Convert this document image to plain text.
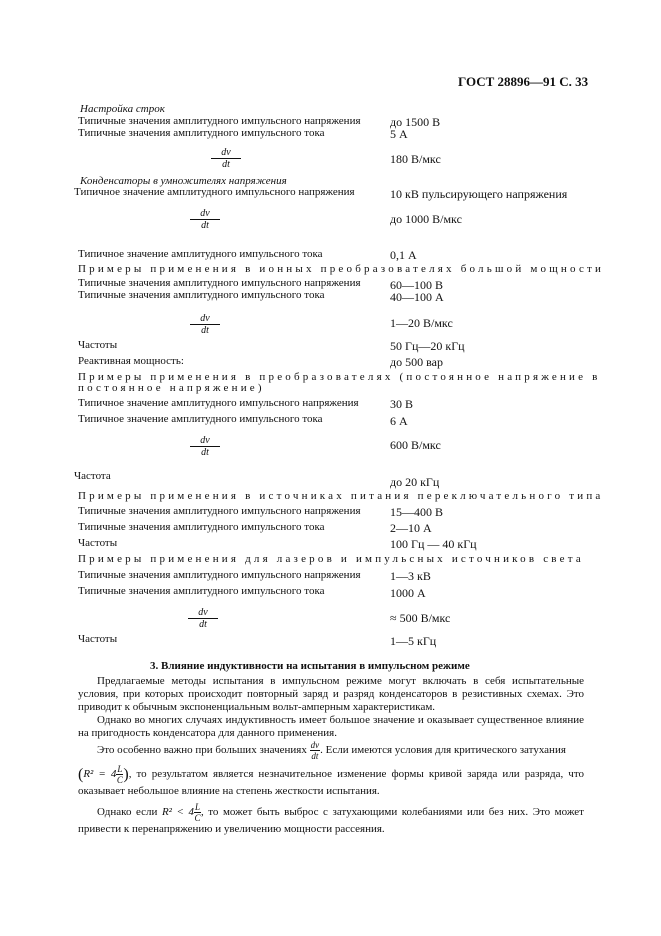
ГОСТ 28896—91 С. 33
Настройка строк
Типичные значения амплитудного импульсного напряжения до 1500 В
Типичные значения амплитудного импульсного тока	5 А
$\frac{dv}{dt}$	180 В/мкс
Конденсаторы в умножителях напряжения
Типичное значение амплитудного импульсного напряжения	10 кВ пульсирующего напряжения
$\frac{dv}{dt}$	до 1000 В/мкс
Типичное значение амплитудного импульсного тока	0,1 А
Примеры применения в ионных преобразователях большой мощности
Типичные значения амплитудного импульсного напряжения 60—100 В
Типичные значения амплитудного импульсного тока	40—100 А
$\frac{dv}{dt}$	1—20 В/мкс
Частоты	50 Гц—20 кГц
Реактивная мощность:	до 500 вар
Примеры применения в преобразователях (постоянное напряжение в
постоянное напряжение)
Типичное значение амплитудного импульсного напряжения	30 В
Типичное значение амплитудного импульсного тока	6 А
$\frac{dv}{dt}$	600 В/мкс
Частота	до 20 кГц
Примеры применения в источниках питания переключательного типа
Типичные значения амплитудного импульсного напряжения 15—400 В
Типичные значения амплитудного импульсного тока	2—10 А
Частоты	100 Гц — 40 кГц
Примеры применения для лазеров и импульсных источников света
Типичные значения амплитудного импульсного напряжения 1—3 кВ
Типичные значения амплитудного импульсного тока	1000 А
$\frac{dv}{dt}$	≈ 500 В/мкс
Частоты	1—5 кГц
3. Влияние индуктивности на испытания в импульсном режиме
Предлагаемые методы испытания в импульсном режиме могут включать в себя испытательные условия, при которых происходит повторный заряд и разряд конденсаторов в резистивных схемах. Это приводит к обычным экспоненциальным вольт-амперным характеристикам.
Однако во многих случаях индуктивность имеет большое значение и оказывает существенное влияние на пригодность конденсатора для данного применения.
Это особенно важно при больших значениях $\frac{dv}{dt}$ . Если имеются условия для критического затухания
($R^2 = 4 \frac{L}{C}$ ), то результатом является незначительное изменение формы кривой заряда или разряда, что оказывает небольшое влияние на степень жесткости испытания.
Однако если $R^2 < 4 \frac{L}{C}$ , то может быть выброс с затухающими колебаниями или без них. Это может привести к перенапряжению и увеличению мощности рассеяния.
